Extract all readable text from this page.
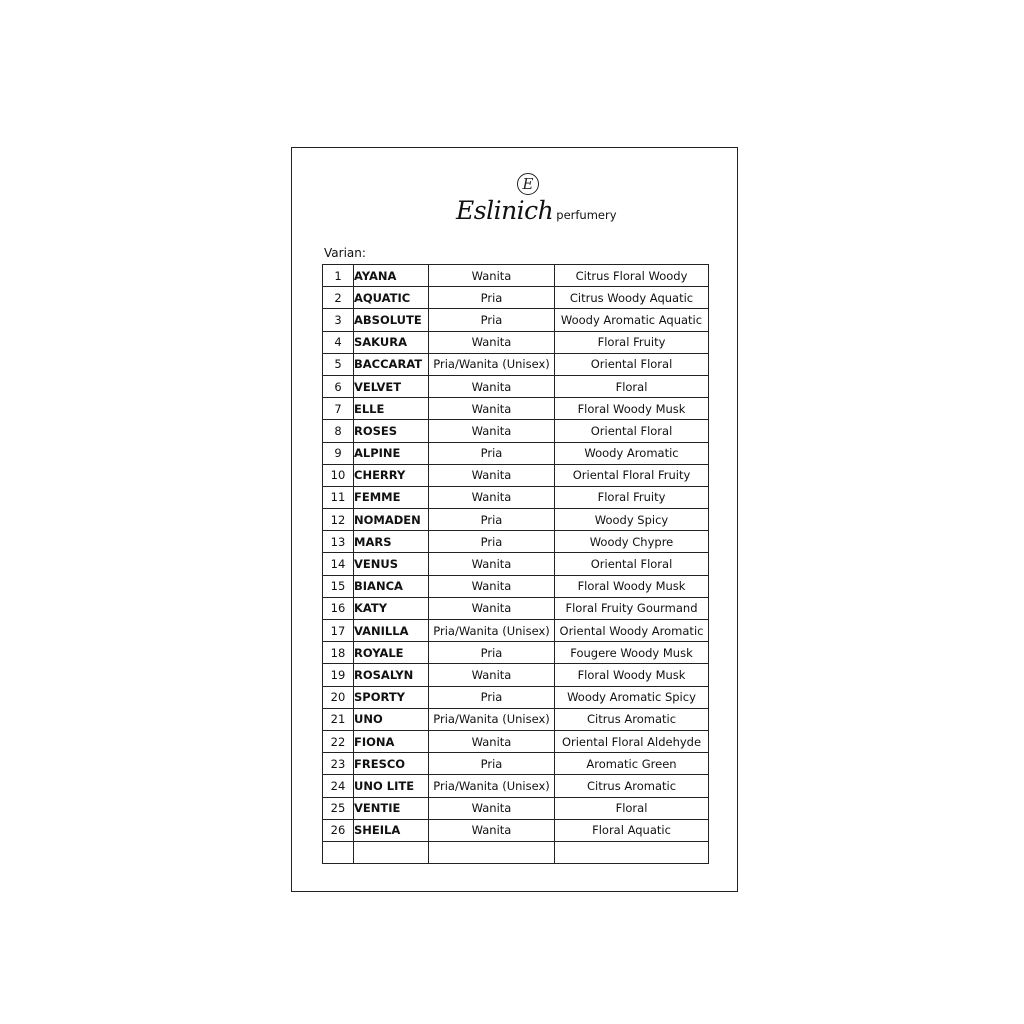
E
Eslinich perfumery
Varian:
1	AYANA	Wanita	Citrus Floral Woody
2	AQUATIC	Pria	Citrus Woody Aquatic
3	ABSOLUTE	Pria	Woody Aromatic Aquatic
4	SAKURA	Wanita	Floral Fruity
5	BACCARAT	Pria/Wanita (Unisex)	Oriental Floral
6	VELVET	Wanita	Floral
7	ELLE	Wanita	Floral Woody Musk
8	ROSES	Wanita	Oriental Floral
9	ALPINE	Pria	Woody Aromatic
10	CHERRY	Wanita	Oriental Floral Fruity
11	FEMME	Wanita	Floral Fruity
12	NOMADEN	Pria	Woody Spicy
13	MARS	Pria	Woody Chypre
14	VENUS	Wanita	Oriental Floral
15	BIANCA	Wanita	Floral Woody Musk
16	KATY	Wanita	Floral Fruity Gourmand
17	VANILLA	Pria/Wanita (Unisex)	Oriental Woody Aromatic
18	ROYALE	Pria	Fougere Woody Musk
19	ROSALYN	Wanita	Floral Woody Musk
20	SPORTY	Pria	Woody Aromatic Spicy
21	UNO	Pria/Wanita (Unisex)	Citrus Aromatic
22	FIONA	Wanita	Oriental Floral Aldehyde
23	FRESCO	Pria	Aromatic Green
24	UNO LITE	Pria/Wanita (Unisex)	Citrus Aromatic
25	VENTIE	Wanita	Floral
26	SHEILA	Wanita	Floral Aquatic
